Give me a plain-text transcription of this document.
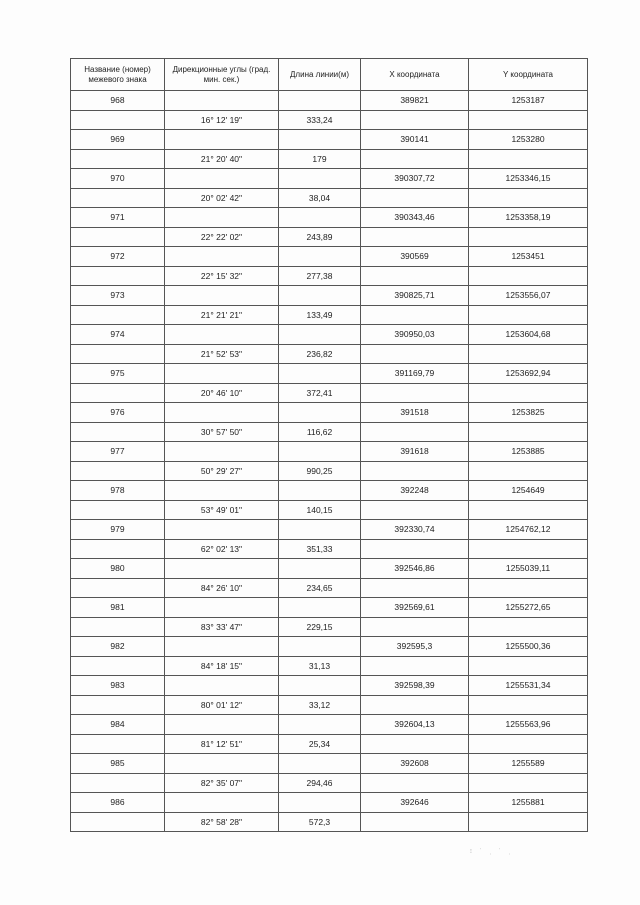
Название (номер) межевого знака	Дирекционные углы (град. мин. сек.)	Длина линии(м)	X координата	Y координата
968			389821	1253187
	16° 12' 19"	333,24		
969			390141	1253280
	21° 20' 40"	179		
970			390307,72	1253346,15
	20° 02' 42"	38,04		
971			390343,46	1253358,19
	22° 22' 02"	243,89		
972			390569	1253451
	22° 15' 32"	277,38		
973			390825,71	1253556,07
	21° 21' 21"	133,49		
974			390950,03	1253604,68
	21° 52' 53"	236,82		
975			391169,79	1253692,94
	20° 46' 10"	372,41		
976			391518	1253825
	30° 57' 50"	116,62		
977			391618	1253885
	50° 29' 27"	990,25		
978			392248	1254649
	53° 49' 01"	140,15		
979			392330,74	1254762,12
	62° 02' 13"	351,33		
980			392546,86	1255039,11
	84° 26' 10"	234,65		
981			392569,61	1255272,65
	83° 33' 47"	229,15		
982			392595,3	1255500,36
	84° 18' 15"	31,13		
983			392598,39	1255531,34
	80° 01' 12"	33,12		
984			392604,13	1255563,96
	81° 12' 51"	25,34		
985			392608	1255589
	82° 35' 07"	294,46		
986			392646	1255881
	82° 58' 28"	572,3		
⁝ ˙ ˌ ˙ ˌ
